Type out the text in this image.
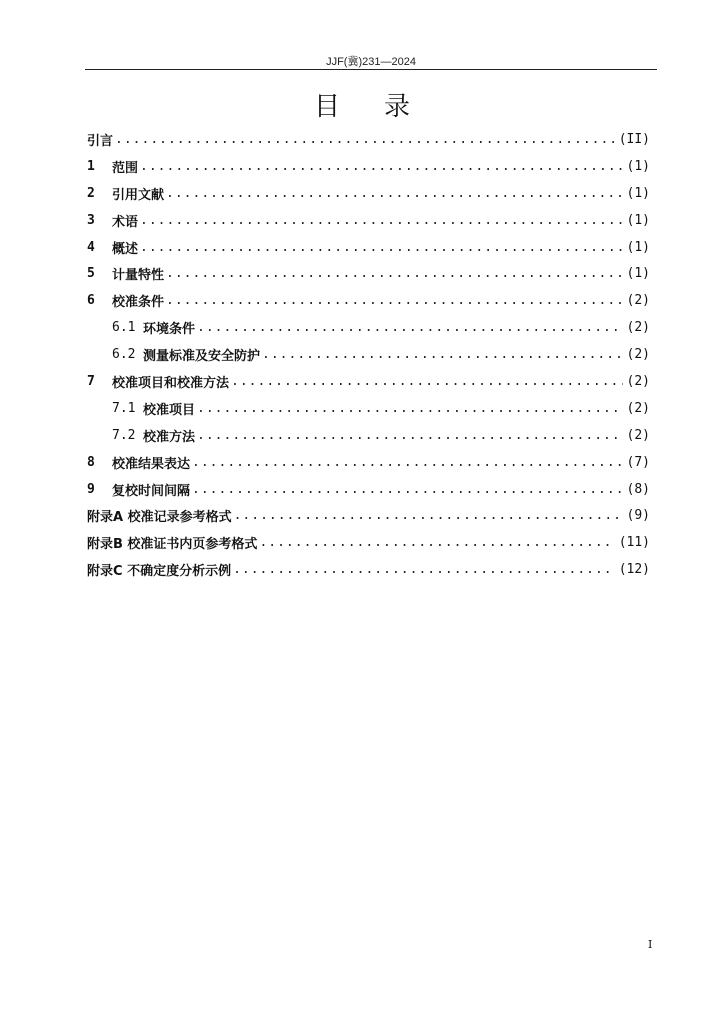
JJF(冀)231—2024
目录
引言 .....	(II)
1	范围 .....	(1)
2	引用文献 .....	(1)
3	术语 .....	(1)
4	概述 .....	(1)
5	计量特性 .....	(1)
6	校准条件 .....	(2)
6.1 环境条件 .....	(2)
6.2 测量标准及安全防护 .....	(2)
7	校准项目和校准方法 .....	(2)
7.1 校准项目 .....	(2)
7.2 校准方法 .....	(2)
8	校准结果表达 .....	(7)
9	复校时间间隔 .....	(8)
附录A 校准记录参考格式 .....	(9)
附录B 校准证书内页参考格式 .....	(11)
附录C 不确定度分析示例 .....	(12)
I
